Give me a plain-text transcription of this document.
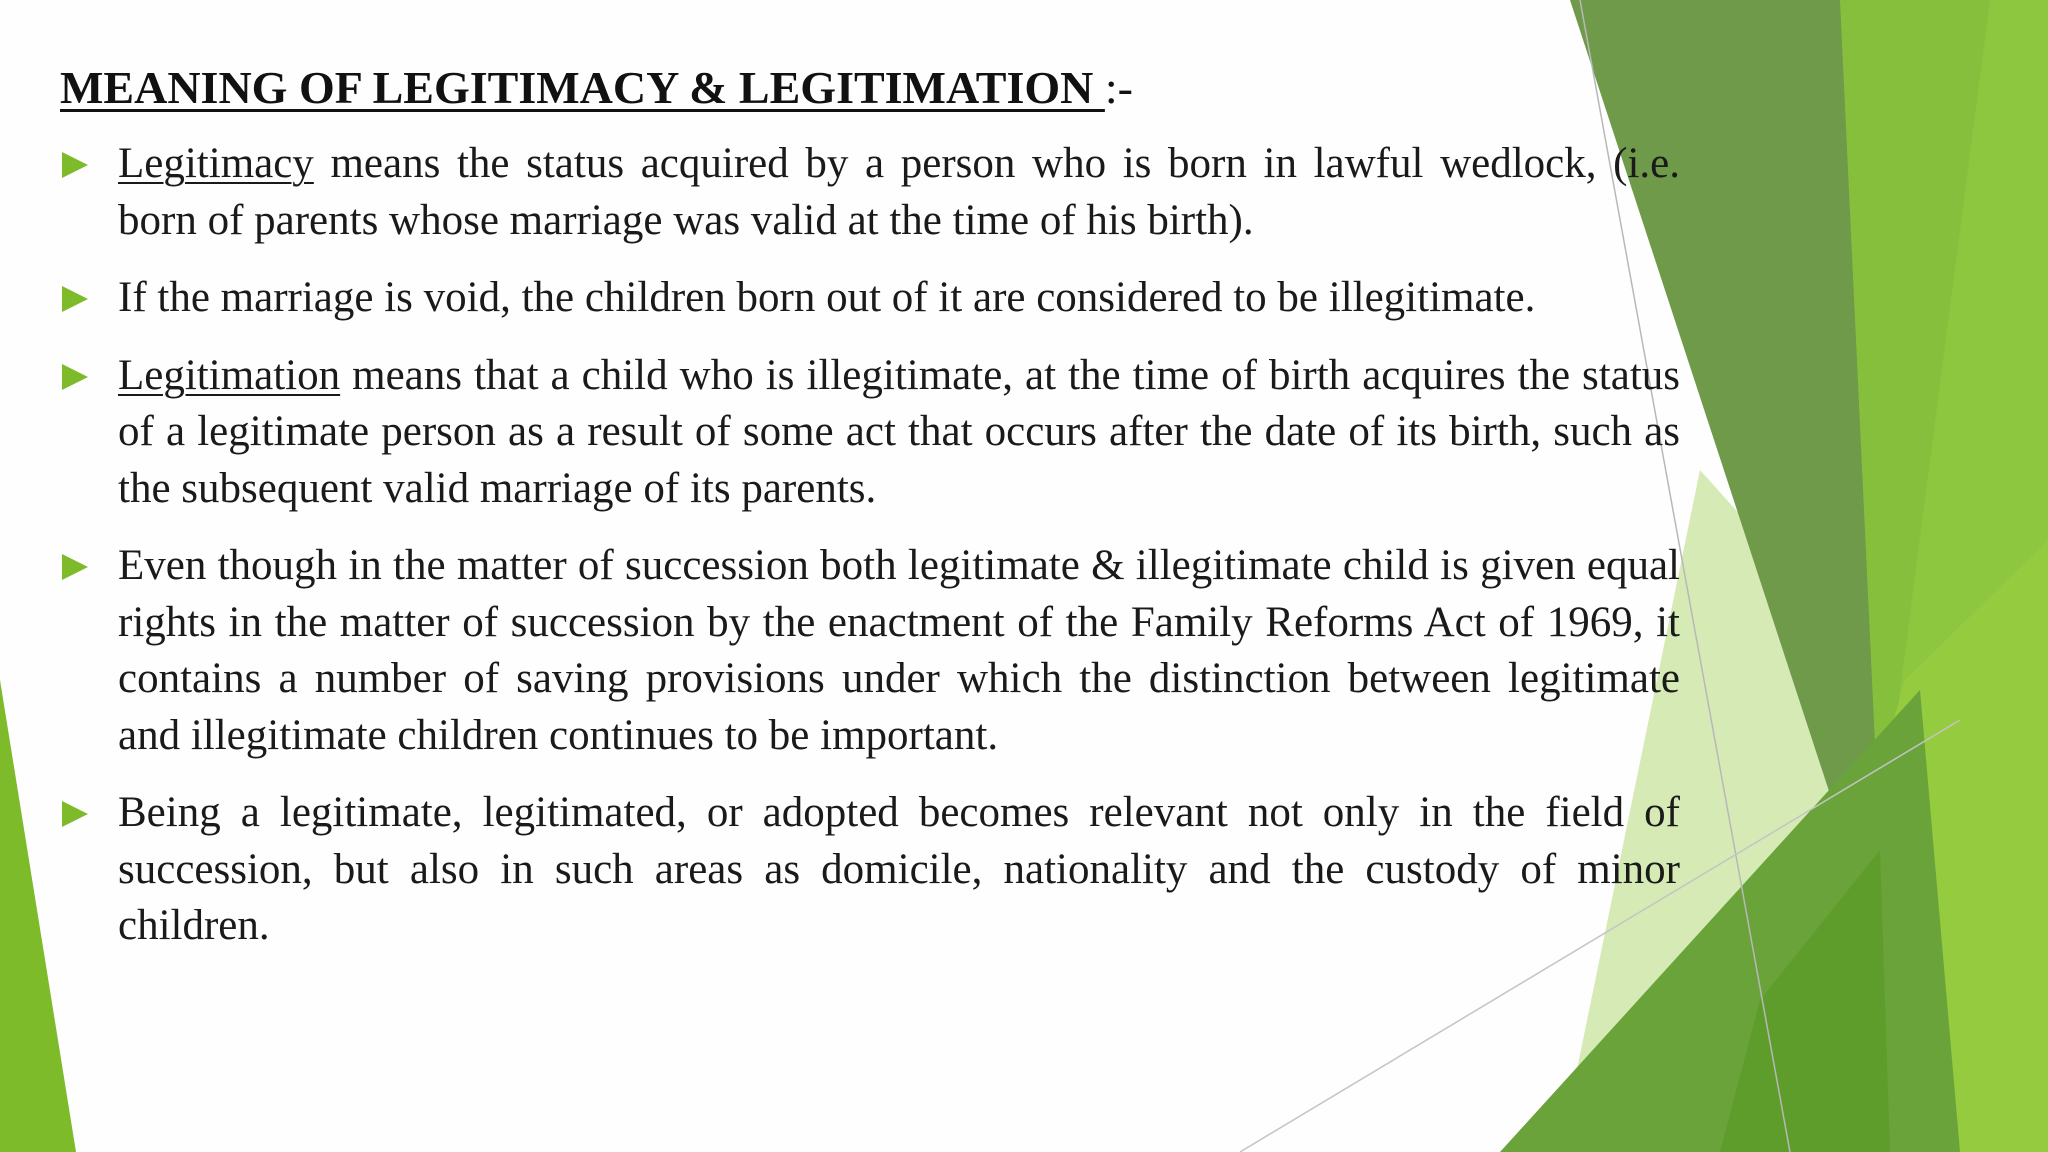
MEANING OF LEGITIMACY & LEGITIMATION :-
Legitimacy means the status acquired by a person who is born in lawful wedlock, (i.e. born of parents whose marriage was valid at the time of his birth).
If the marriage is void, the children born out of it are considered to be illegitimate.
Legitimation means that a child who is illegitimate, at the time of birth acquires the status of a legitimate person as a result of some act that occurs after the date of its birth, such as the subsequent valid marriage of its parents.
Even though in the matter of succession both legitimate & illegitimate child is given equal rights in the matter of succession by the enactment of the Family Reforms Act of 1969, it contains a number of saving provisions under which the distinction between legitimate and illegitimate children continues to be important.
Being a legitimate, legitimated, or adopted becomes relevant not only in the field of succession, but also in such areas as domicile, nationality and the custody of minor children.
